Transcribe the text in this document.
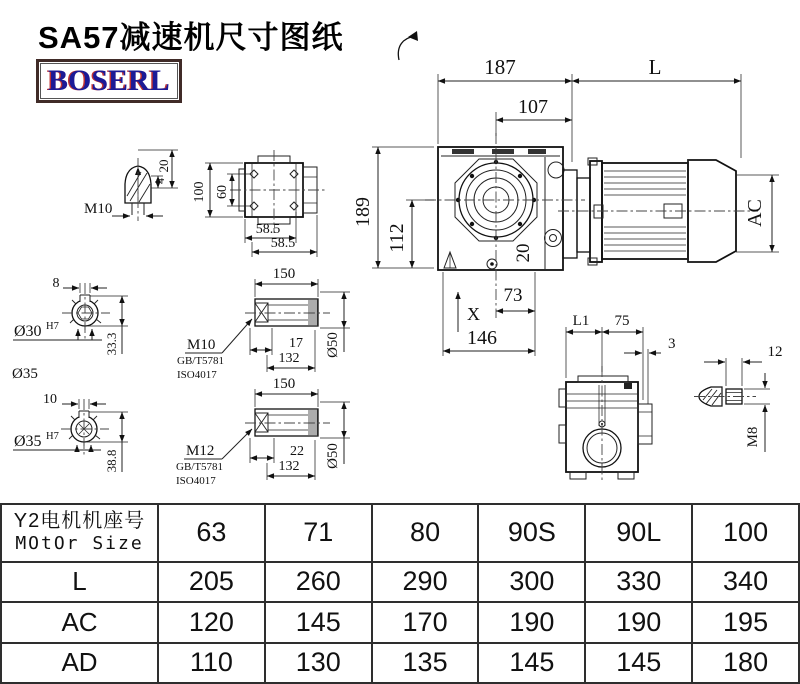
187	L
107
189
112
20
X
73
146
AC
M10
4
20
100 60
58.5
58.5
8
Ø30 H7
33.3
Ø35
150
Ø50
17
132
M10
GB/T5781
ISO4017
10
Ø35 H7
38.8
150
Ø50
22
132
M12
GB/T5781
ISO4017
L1 75
3	12
M8
SA57减速机尺寸图纸
BOSERL
Y2电机机座号
MOtOr Size	63	71	80	90S	90L	100
L	205	260	290	300	330	340
AC	120	145	170	190	190	195
AD	110	130	135	145	145	180
